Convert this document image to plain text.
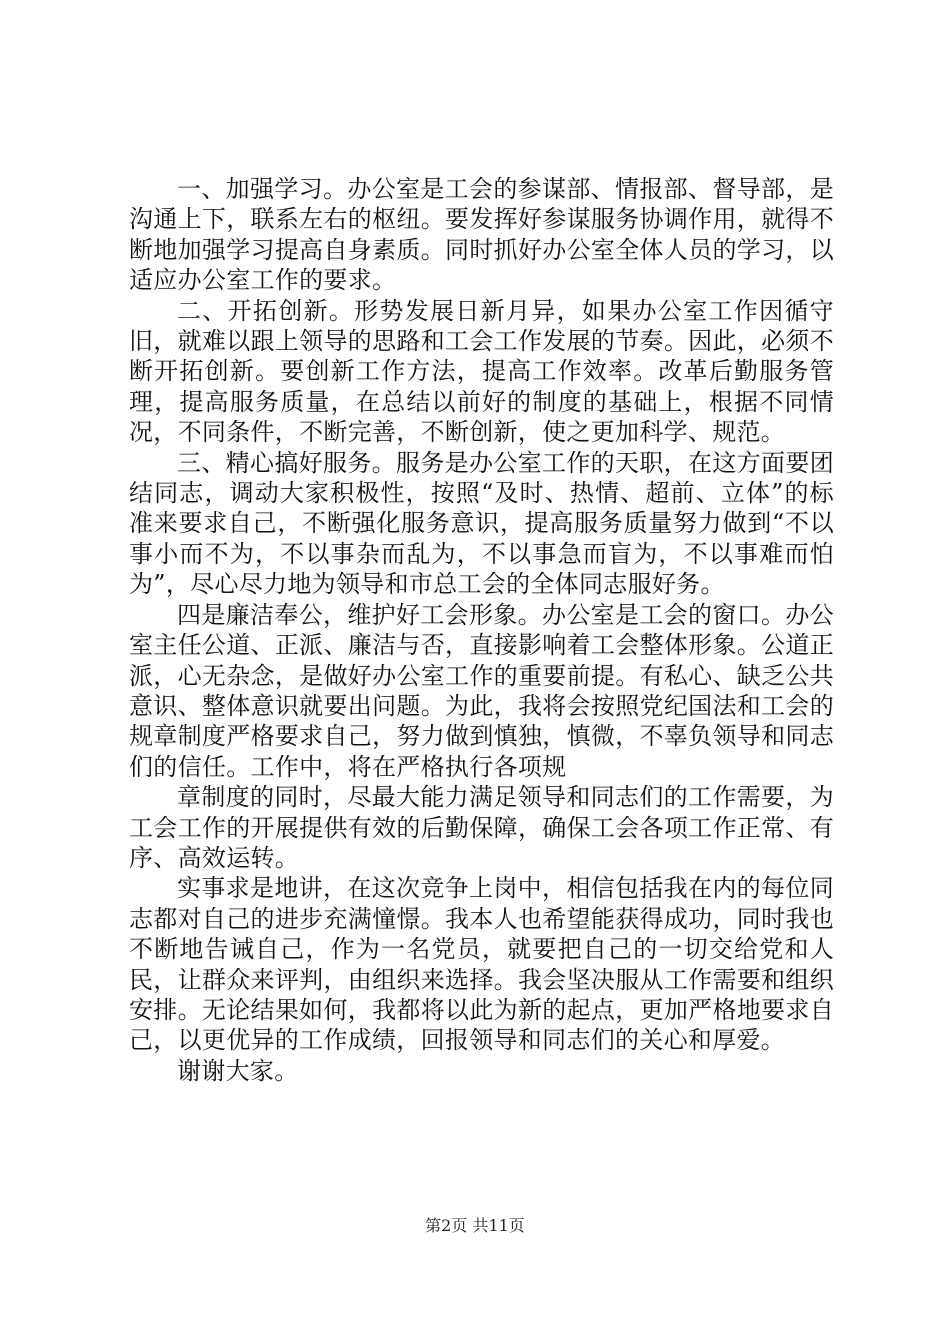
一、加强学习。办公室是工会的参谋部、情报部、督导部，是沟通上下，联系左右的枢纽。要发挥好参谋服务协调作用，就得不断地加强学习提高自身素质。同时抓好办公室全体人员的学习，以适应办公室工作的要求。

二、开拓创新。形势发展日新月异，如果办公室工作因循守旧，就难以跟上领导的思路和工会工作发展的节奏。因此，必须不断开拓创新。要创新工作方法，提高工作效率。改革后勤服务管理，提高服务质量，在总结以前好的制度的基础上，根据不同情况，不同条件，不断完善，不断创新，使之更加科学、规范。

三、精心搞好服务。服务是办公室工作的天职，在这方面要团结同志，调动大家积极性，按照“及时、热情、超前、立体”的标准来要求自己，不断强化服务意识，提高服务质量努力做到“不以事小而不为，不以事杂而乱为，不以事急而盲为，不以事难而怕为”，尽心尽力地为领导和市总工会的全体同志服好务。

四是廉洁奉公，维护好工会形象。办公室是工会的窗口。办公室主任公道、正派、廉洁与否，直接影响着工会整体形象。公道正派，心无杂念，是做好办公室工作的重要前提。有私心、缺乏公共意识、整体意识就要出问题。为此，我将会按照党纪国法和工会的规章制度严格要求自己，努力做到慎独，慎微，不辜负领导和同志们的信任。工作中，将在严格执行各项规

章制度的同时，尽最大能力满足领导和同志们的工作需要，为工会工作的开展提供有效的后勤保障，确保工会各项工作正常、有序、高效运转。

实事求是地讲，在这次竞争上岗中，相信包括我在内的每位同志都对自己的进步充满憧憬。我本人也希望能获得成功，同时我也不断地告诫自己，作为一名党员，就要把自己的一切交给党和人民，让群众来评判，由组织来选择。我会坚决服从工作需要和组织安排。无论结果如何，我都将以此为新的起点，更加严格地要求自己，以更优异的工作成绩，回报领导和同志们的关心和厚爱。

谢谢大家。

第2页 共11页
